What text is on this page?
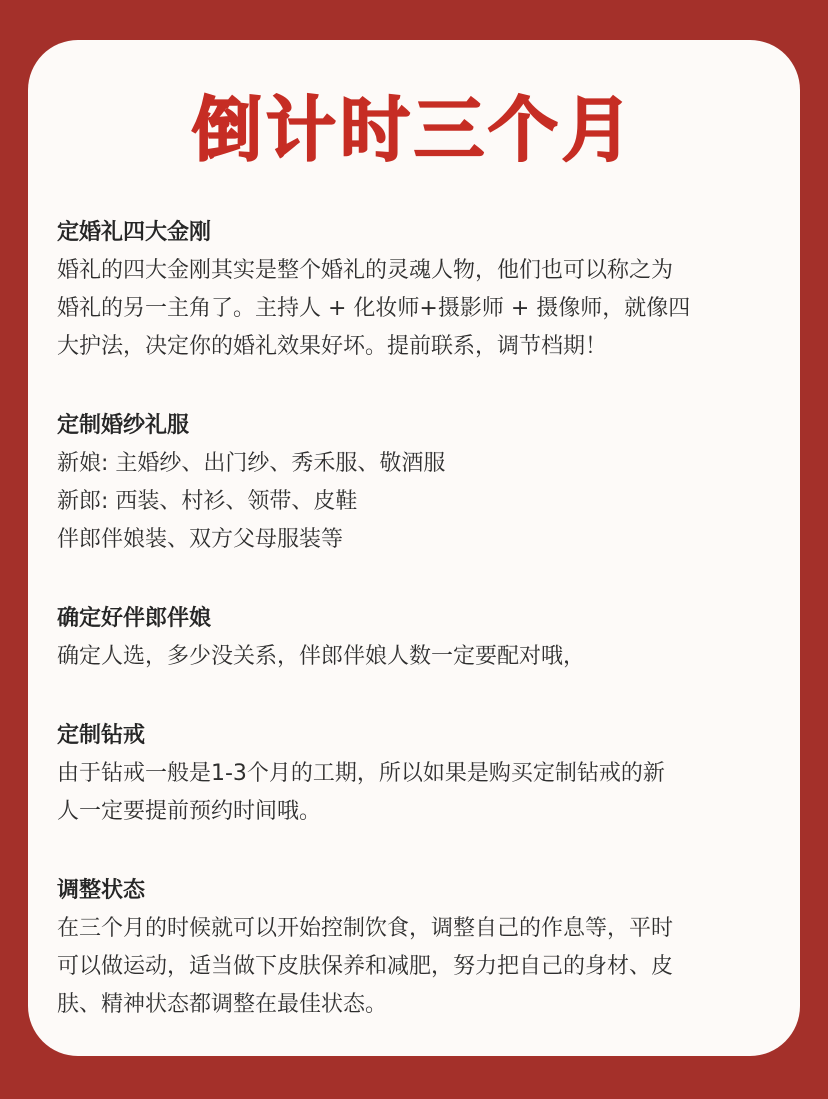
倒计时三个月
定婚礼四大金刚
婚礼的四大金刚其实是整个婚礼的灵魂人物，他们也可以称之为
婚礼的另一主角了。主持人 + 化妆师+摄影师 + 摄像师，就像四
大护法，决定你的婚礼效果好坏。提前联系，调节档期！
定制婚纱礼服
新娘: 主婚纱、出门纱、秀禾服、敬酒服
新郎: 西装、村衫、领带、皮鞋
伴郎伴娘装、双方父母服装等
确定好伴郎伴娘
确定人选，多少没关系，伴郎伴娘人数一定要配对哦，
定制钻戒
由于钻戒一般是1-3个月的工期，所以如果是购买定制钻戒的新
人一定要提前预约时间哦。
调整状态
在三个月的时候就可以开始控制饮食，调整自己的作息等，平时
可以做运动，适当做下皮肤保养和减肥，努力把自己的身材、皮
肤、精神状态都调整在最佳状态。
